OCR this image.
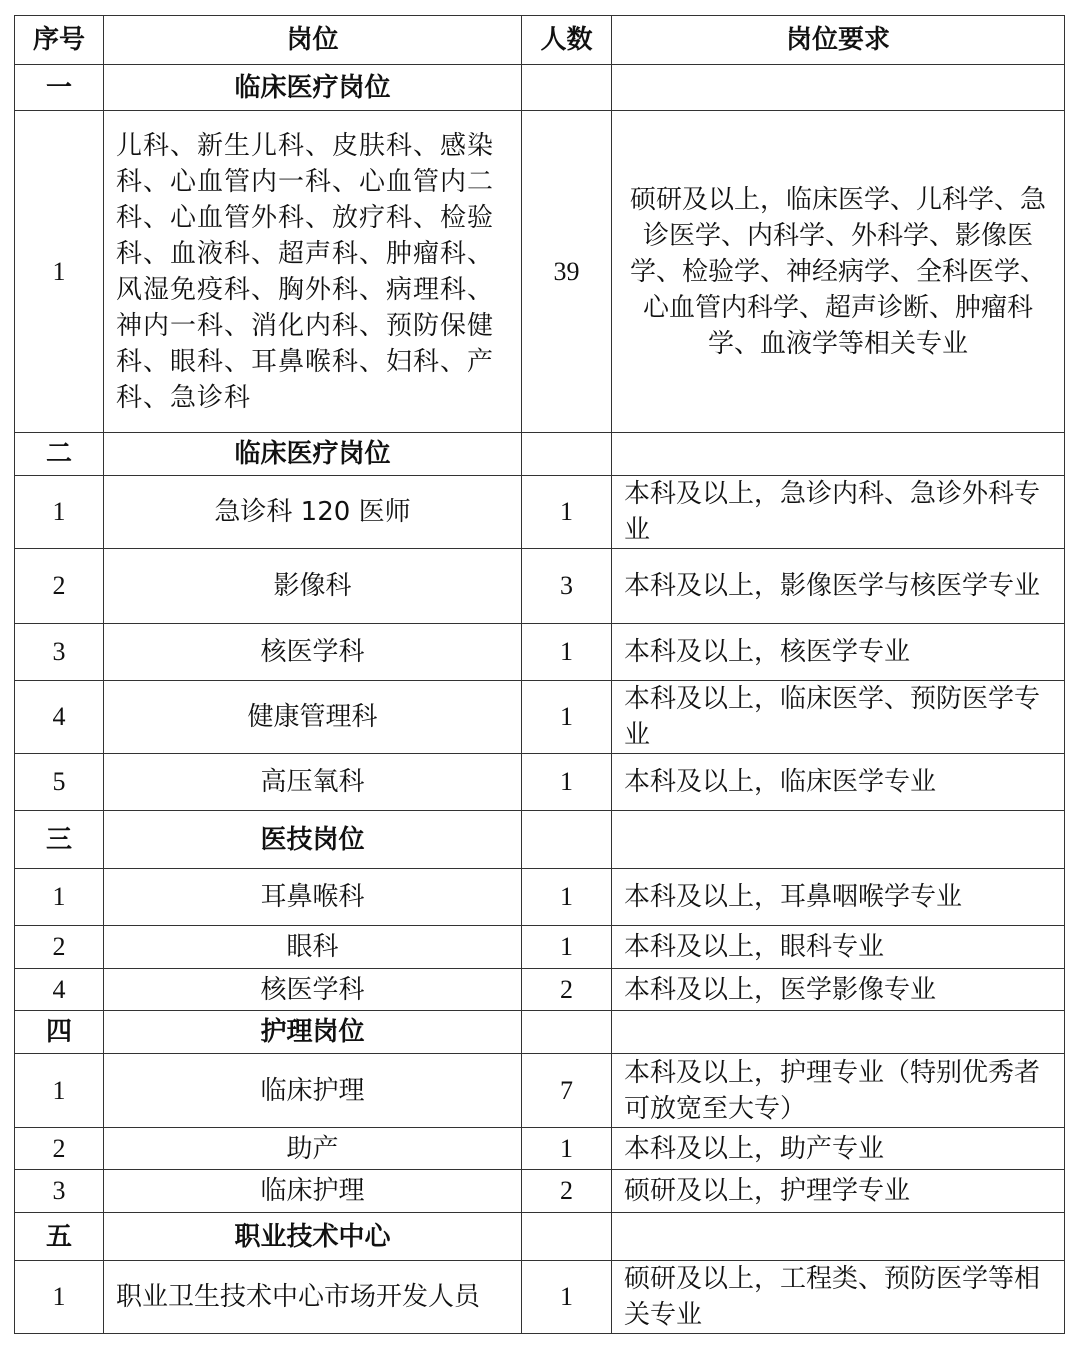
序号	岗位	人数	岗位要求
一	临床医疗岗位		
1	儿科、新生儿科、皮肤科、感染科、心血管内一科、心血管内二科、心血管外科、放疗科、检验科、血液科、超声科、肿瘤科、风湿免疫科、胸外科、病理科、神内一科、消化内科、预防保健科、眼科、耳鼻喉科、妇科、产科、急诊科	39	硕研及以上，临床医学、儿科学、急诊医学、内科学、外科学、影像医学、检验学、神经病学、全科医学、心血管内科学、超声诊断、肿瘤科学、血液学等相关专业
二	临床医疗岗位		
1	急诊科 120 医师	1	本科及以上，急诊内科、急诊外科专业
2	影像科	3	本科及以上，影像医学与核医学专业
3	核医学科	1	本科及以上，核医学专业
4	健康管理科	1	本科及以上，临床医学、预防医学专业
5	高压氧科	1	本科及以上，临床医学专业
三	医技岗位		
1	耳鼻喉科	1	本科及以上，耳鼻咽喉学专业
2	眼科	1	本科及以上，眼科专业
4	核医学科	2	本科及以上，医学影像专业
四	护理岗位		
1	临床护理	7	本科及以上，护理专业（特别优秀者可放宽至大专）
2	助产	1	本科及以上，助产专业
3	临床护理	2	硕研及以上，护理学专业
五	职业技术中心		
1	职业卫生技术中心市场开发人员	1	硕研及以上，工程类、预防医学等相关专业
